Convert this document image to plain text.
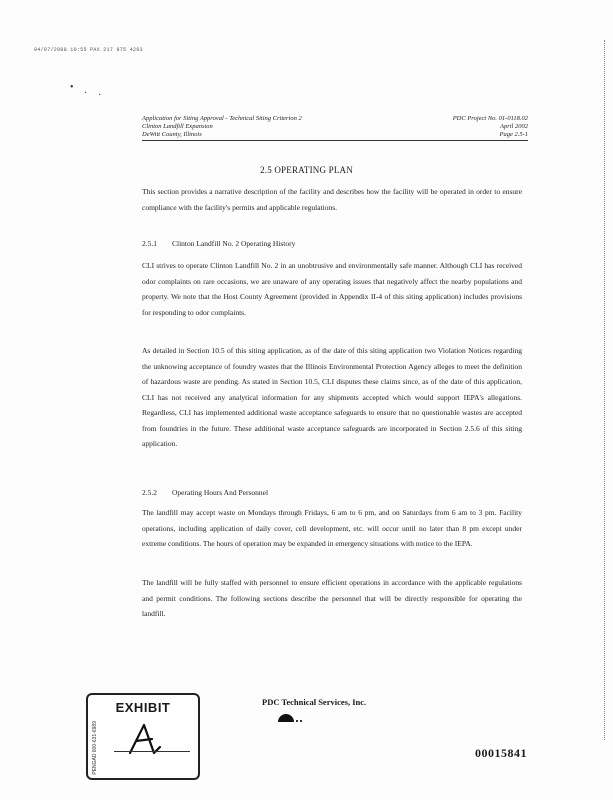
04/07/2008 10:55 PAX 217 875 4203
•
· ·
Application for Siting Approval - Technical Siting Criterion 2
Clinton Landfill Expansion
DeWitt County, Illinois
PDC Project No. 01-0118.02
April 2002
Page 2.5-1
2.5 OPERATING PLAN
This section provides a narrative description of the facility and describes how the facility will be operated in order to ensure compliance with the facility's permits and applicable regulations.
2.5.1 Clinton Landfill No. 2 Operating History
CLI strives to operate Clinton Landfill No. 2 in an unobtrusive and environmentally safe manner. Although CLI has received odor complaints on rare occasions, we are unaware of any operating issues that negatively affect the nearby populations and property. We note that the Host County Agreement (provided in Appendix II-4 of this siting application) includes provisions for responding to odor complaints.
As detailed in Section 10.5 of this siting application, as of the date of this siting application two Violation Notices regarding the unknowing acceptance of foundry wastes that the Illinois Environmental Protection Agency alleges to meet the definition of hazardous waste are pending. As stated in Section 10.5, CLI disputes these claims since, as of the date of this application, CLI has not received any analytical information for any shipments accepted which would support IEPA's allegations. Regardless, CLI has implemented additional waste acceptance safeguards to ensure that no questionable wastes are accepted from foundries in the future. These additional waste acceptance safeguards are incorporated in Section 2.5.6 of this siting application.
2.5.2 Operating Hours And Personnel
The landfill may accept waste on Mondays through Fridays, 6 am to 6 pm, and on Saturdays from 6 am to 3 pm. Facility operations, including application of daily cover, cell development, etc. will occur until no later than 8 pm except under extreme conditions. The hours of operation may be expanded in emergency situations with notice to the IEPA.
The landfill will be fully staffed with personnel to ensure efficient operations in accordance with the applicable regulations and permit conditions. The following sections describe the personnel that will be directly responsible for operating the landfill.
PDC Technical Services, Inc.
EXHIBIT
PENGAD 800-631-6989	00015841
